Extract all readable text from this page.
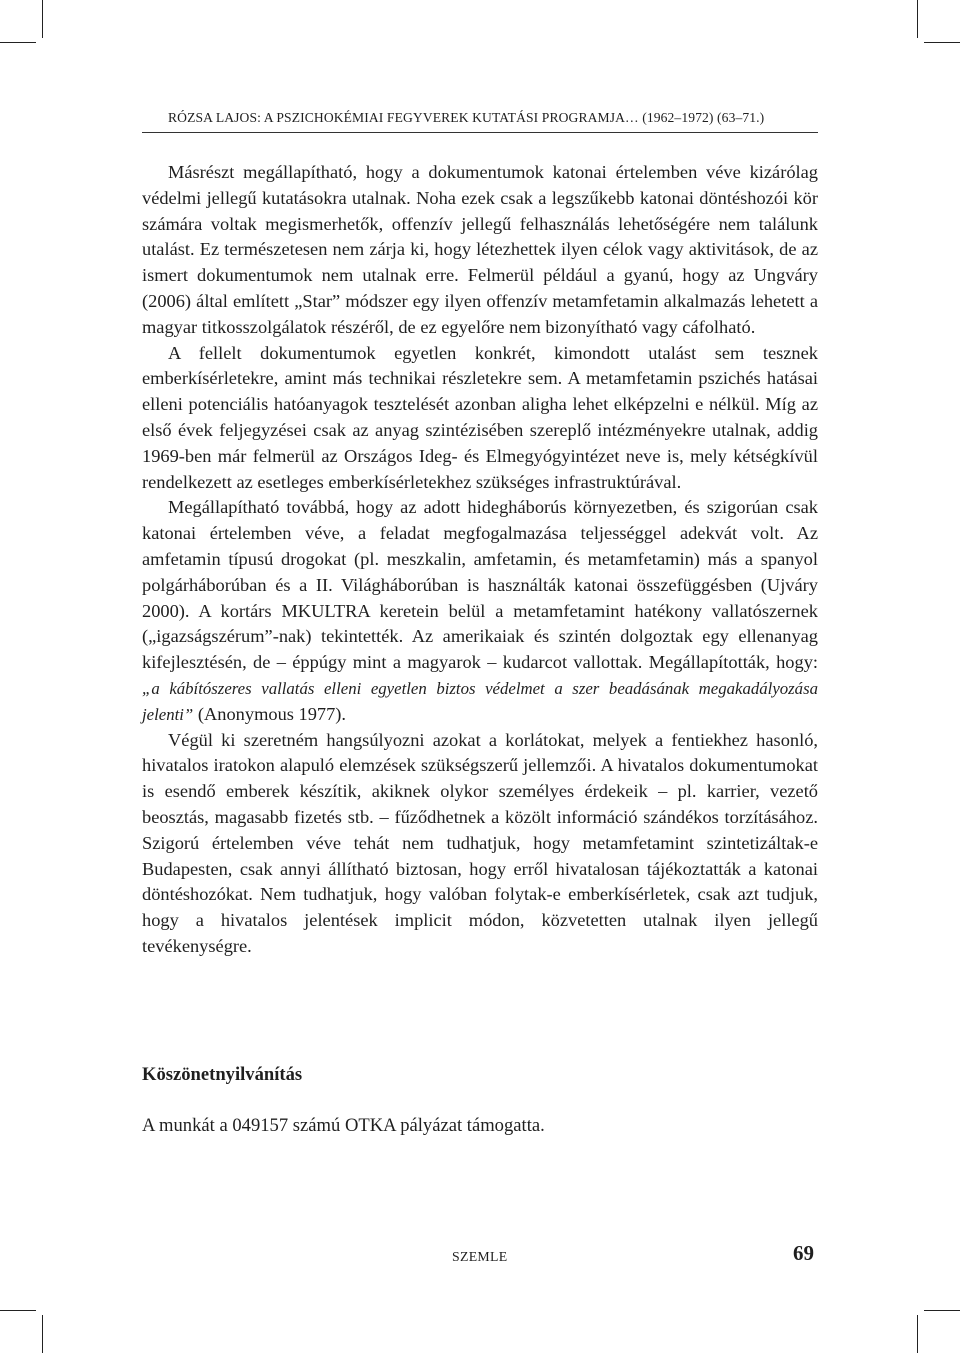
RÓZSA LAJOS: A PSZICHOKÉMIAI FEGYVEREK KUTATÁSI PROGRAMJA… (1962–1972) (63–71.)

Másrészt megállapítható, hogy a dokumentumok katonai értelemben véve kizárólag védelmi jellegű kutatásokra utalnak. Noha ezek csak a legszűkebb katonai döntéshozói kör számára voltak megismerhetők, offenzív jellegű felhasználás lehetőségére nem találunk utalást. Ez természetesen nem zárja ki, hogy létezhettek ilyen célok vagy aktivitások, de az ismert dokumentumok nem utalnak erre. Felmerül például a gyanú, hogy az Ungváry (2006) által említett „Star” módszer egy ilyen offenzív metamfetamin alkalmazás lehetett a magyar titkosszolgálatok részéről, de ez egyelőre nem bizonyítható vagy cáfolható.

A fellelt dokumentumok egyetlen konkrét, kimondott utalást sem tesznek emberkísérletekre, amint más technikai részletekre sem. A metamfetamin pszichés hatásai elleni potenciális hatóanyagok tesztelését azonban aligha lehet elképzelni e nélkül. Míg az első évek feljegyzései csak az anyag szintézisében szereplő intézményekre utalnak, addig 1969-ben már felmerül az Országos Ideg- és Elmegyógyintézet neve is, mely kétségkívül rendelkezett az esetleges emberkísérletekhez szükséges infrastruktúrával.

Megállapítható továbbá, hogy az adott hidegháborús környezetben, és szigorúan csak katonai értelemben véve, a feladat megfogalmazása teljességgel adekvát volt. Az amfetamin típusú drogokat (pl. meszkalin, amfetamin, és metamfetamin) más a spanyol polgárháborúban és a II. Világháborúban is használták katonai összefüggésben (Ujváry 2000). A kortárs MKULTRA keretein belül a metamfetamint hatékony vallatószernek („igazságszérum”-nak) tekintették. Az amerikaiak és szintén dolgoztak egy ellenanyag kifejlesztésén, de – éppúgy mint a magyarok – kudarcot vallottak. Megállapították, hogy: „a kábítószeres vallatás elleni egyetlen biztos védelmet a szer beadásának megakadályozása jelenti” (Anonymous 1977).

Végül ki szeretném hangsúlyozni azokat a korlátokat, melyek a fentiekhez hasonló, hivatalos iratokon alapuló elemzések szükségszerű jellemzői. A hivatalos dokumentumokat is esendő emberek készítik, akiknek olykor személyes érdekeik – pl. karrier, vezető beosztás, magasabb fizetés stb. – fűződhetnek a közölt információ szándékos torzításához. Szigorú értelemben véve tehát nem tudhatjuk, hogy metamfetamint szintetizáltak-e Budapesten, csak annyi állítható biztosan, hogy erről hivatalosan tájékoztatták a katonai döntéshozókat. Nem tudhatjuk, hogy valóban folytak-e emberkísérletek, csak azt tudjuk, hogy a hivatalos jelentések implicit módon, közvetetten utalnak ilyen jellegű tevékenységre.

Köszönetnyilvánítás
A munkát a 049157 számú OTKA pályázat támogatta.
SZEMLE	69
